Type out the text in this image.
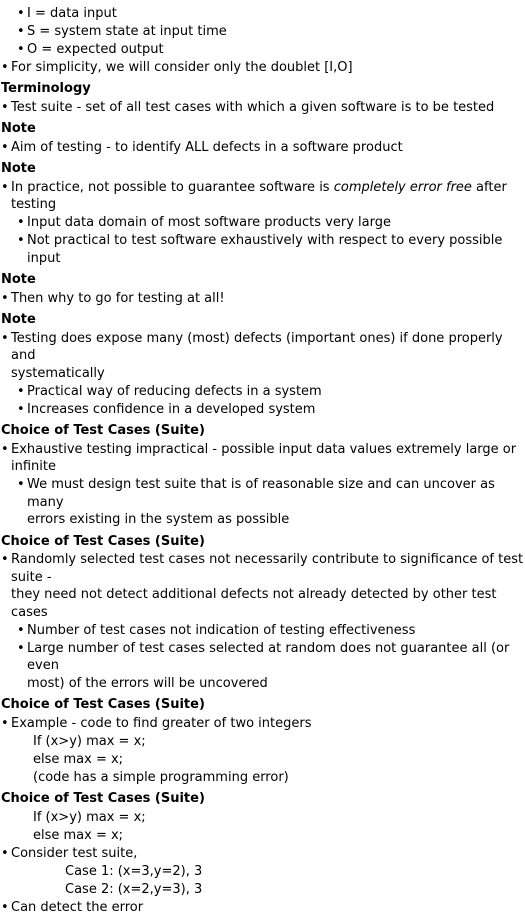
• I = data input
• S = system state at input time
• O = expected output
• For simplicity, we will consider only the doublet [I,O]
Terminology
• Test suite - set of all test cases with which a given software is to be tested
Note
• Aim of testing - to identify ALL defects in a software product
Note
• In practice, not possible to guarantee software is completely error free after testing
• Input data domain of most software products very large
• Not practical to test software exhaustively with respect to every possible input
Note
• Then why to go for testing at all!
Note
• Testing does expose many (most) defects (important ones) if done properly and
systematically
• Practical way of reducing defects in a system
• Increases confidence in a developed system
Choice of Test Cases (Suite)
• Exhaustive testing impractical - possible input data values extremely large or infinite
• We must design test suite that is of reasonable size and can uncover as many
errors existing in the system as possible
Choice of Test Cases (Suite)
• Randomly selected test cases not necessarily contribute to significance of test suite -
they need not detect additional defects not already detected by other test cases
• Number of test cases not indication of testing effectiveness
• Large number of test cases selected at random does not guarantee all (or even
most) of the errors will be uncovered
Choice of Test Cases (Suite)
• Example - code to find greater of two integers
If (x>y) max = x;
else max = x;
(code has a simple programming error)
Choice of Test Cases (Suite)
If (x>y) max = x;
else max = x;
• Consider test suite,
Case 1: (x=3,y=2), 3
Case 2: (x=2,y=3), 3
• Can detect the error
